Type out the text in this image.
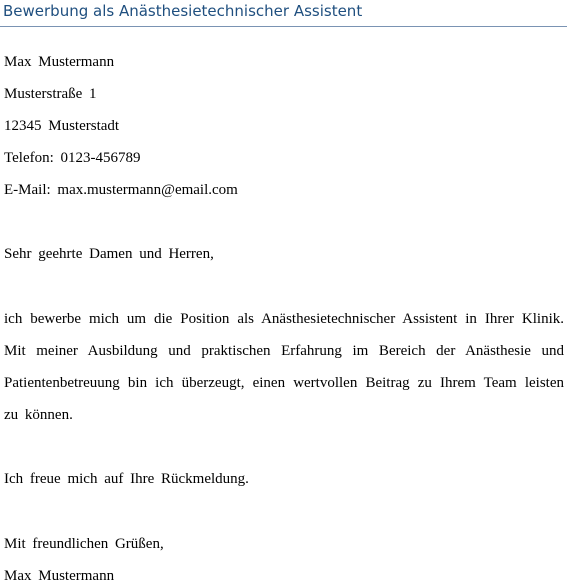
Bewerbung als Anästhesietechnischer Assistent
Max Mustermann
Musterstraße 1
12345 Musterstadt
Telefon: 0123-456789
E-Mail: max.mustermann@email.com
Sehr geehrte Damen und Herren,
ich bewerbe mich um die Position als Anästhesietechnischer Assistent in Ihrer Klinik.
Mit meiner Ausbildung und praktischen Erfahrung im Bereich der Anästhesie und
Patientenbetreuung bin ich überzeugt, einen wertvollen Beitrag zu Ihrem Team leisten
zu können.
Ich freue mich auf Ihre Rückmeldung.
Mit freundlichen Grüßen,
Max Mustermann
